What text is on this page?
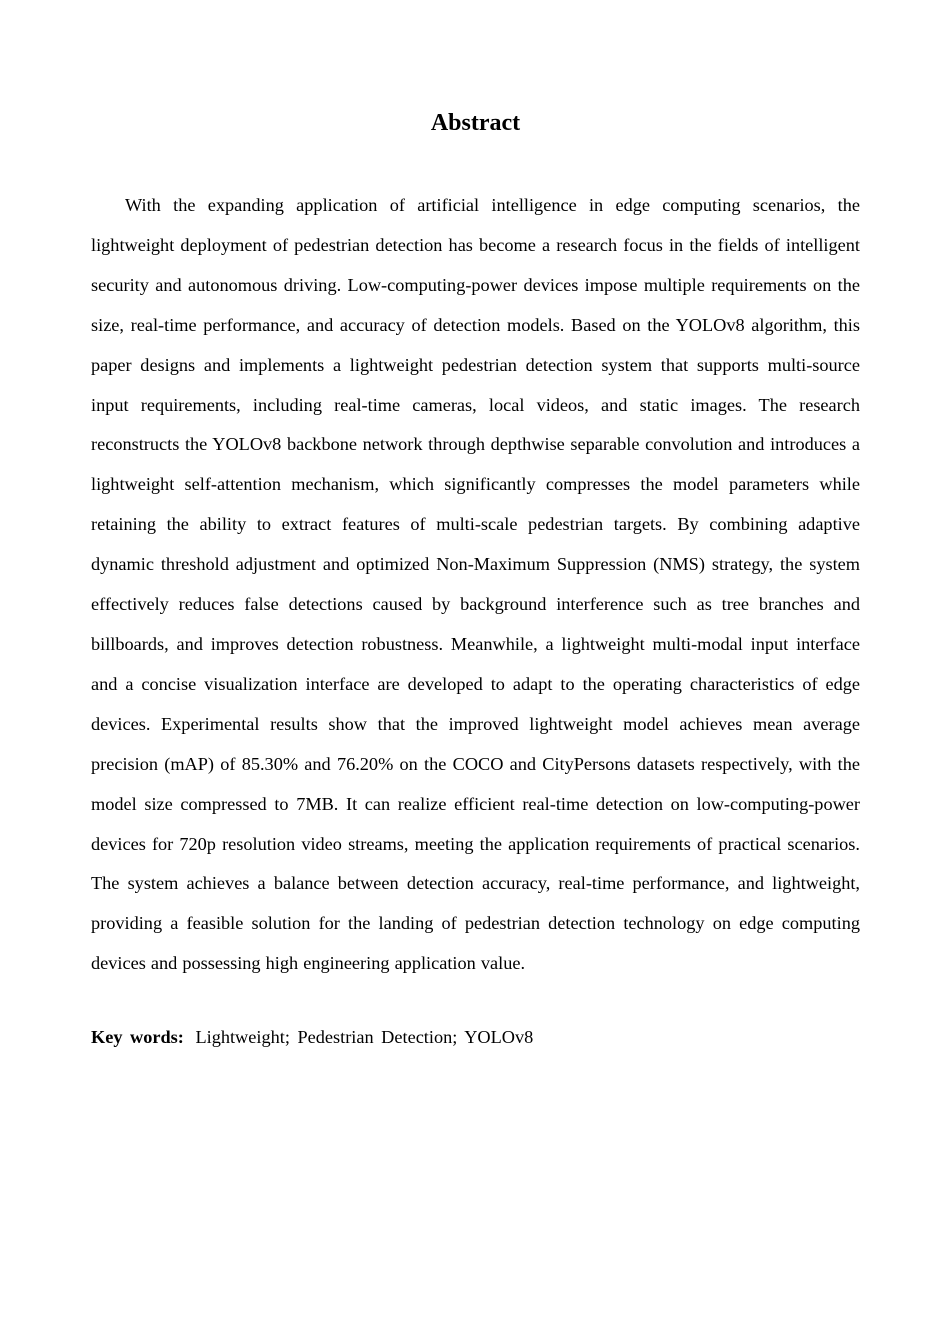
Abstract

With the expanding application of artificial intelligence in edge computing scenarios, the lightweight deployment of pedestrian detection has become a research focus in the fields of intelligent security and autonomous driving. Low-computing-power devices impose multiple requirements on the size, real-time performance, and accuracy of detection models. Based on the YOLOv8 algorithm, this paper designs and implements a lightweight pedestrian detection system that supports multi-source input requirements, including real-time cameras, local videos, and static images. The research reconstructs the YOLOv8 backbone network through depthwise separable convolution and introduces a lightweight self-attention mechanism, which significantly compresses the model parameters while retaining the ability to extract features of multi-scale pedestrian targets. By combining adaptive dynamic threshold adjustment and optimized Non-Maximum Suppression (NMS) strategy, the system effectively reduces false detections caused by background interference such as tree branches and billboards, and improves detection robustness. Meanwhile, a lightweight multi-modal input interface and a concise visualization interface are developed to adapt to the operating characteristics of edge devices. Experimental results show that the improved lightweight model achieves mean average precision (mAP) of 85.30% and 76.20% on the COCO and CityPersons datasets respectively, with the model size compressed to 7MB. It can realize efficient real-time detection on low-computing-power devices for 720p resolution video streams, meeting the application requirements of practical scenarios. The system achieves a balance between detection accuracy, real-time performance, and lightweight, providing a feasible solution for the landing of pedestrian detection technology on edge computing devices and possessing high engineering application value.

Key words: Lightweight; Pedestrian Detection; YOLOv8
